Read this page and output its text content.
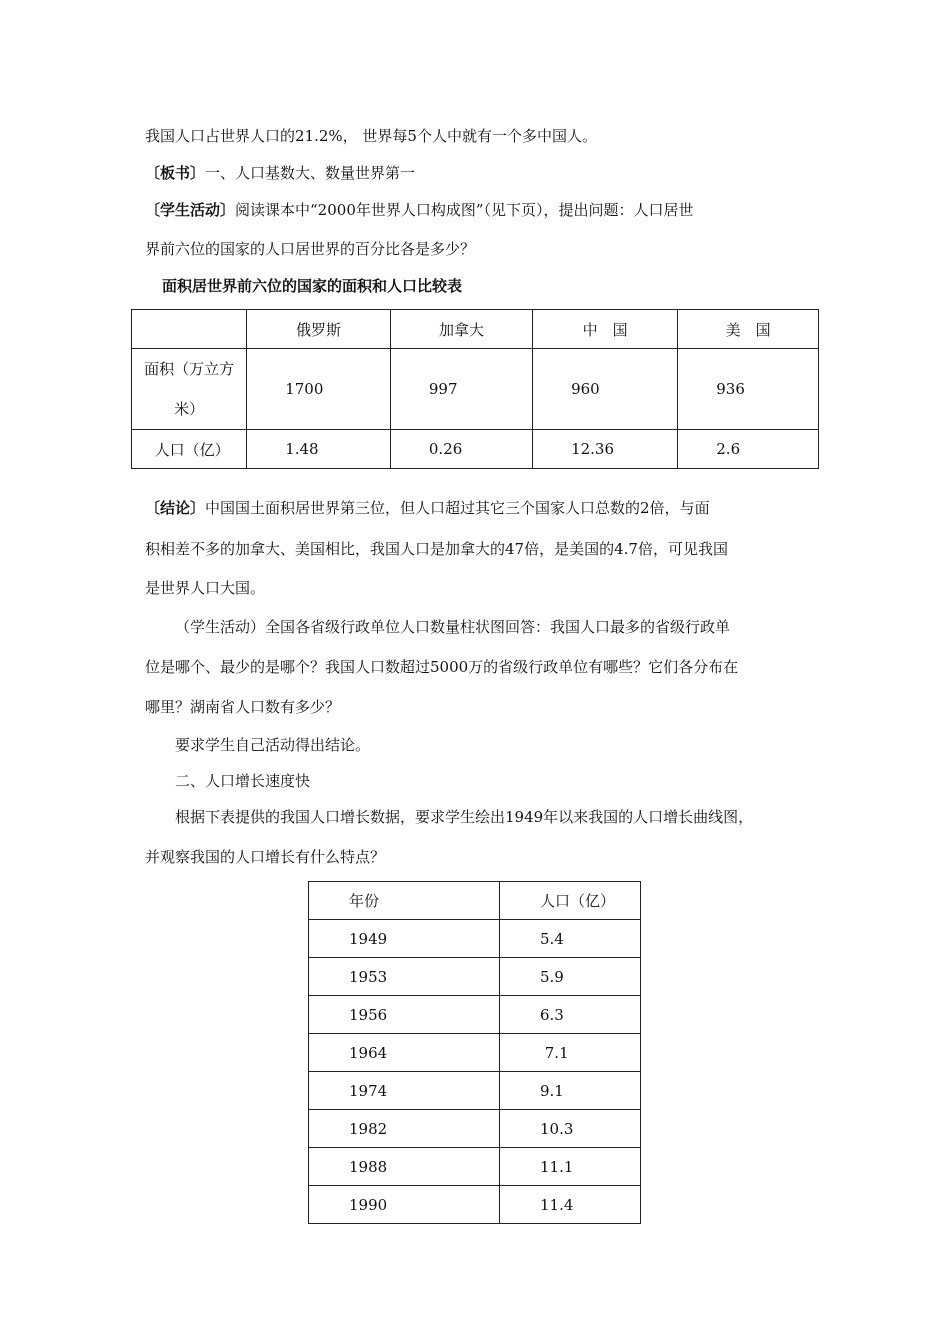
我国人口占世界人口的21.2%， 世界每5个人中就有一个多中国人。
〔板书〕一、人口基数大、数量世界第一
〔学生活动〕阅读课本中“2000年世界人口构成图”（见下页），提出问题：人口居世
界前六位的国家的人口居世界的百分比各是多少？
面积居世界前六位的国家的面积和人口比较表
	俄罗斯	加拿大	中　国	美　国
面积（万立方米）	1700	997	960	936
人口（亿）	1.48	0.26	12.36	2.6
〔结论〕中国国土面积居世界第三位，但人口超过其它三个国家人口总数的2倍，与面
积相差不多的加拿大、美国相比，我国人口是加拿大的47倍，是美国的4.7倍，可见我国
是世界人口大国。
（学生活动）全国各省级行政单位人口数量柱状图回答：我国人口最多的省级行政单
位是哪个、最少的是哪个？我国人口数超过5000万的省级行政单位有哪些？它们各分布在
哪里？湖南省人口数有多少？
要求学生自己活动得出结论。
二、人口增长速度快
根据下表提供的我国人口增长数据，要求学生绘出1949年以来我国的人口增长曲线图，
并观察我国的人口增长有什么特点？
年份	人口（亿）
1949	5.4
1953	5.9
1956	6.3
1964	7.1
1974	9.1
1982	10.3
1988	11.1
1990	11.4
